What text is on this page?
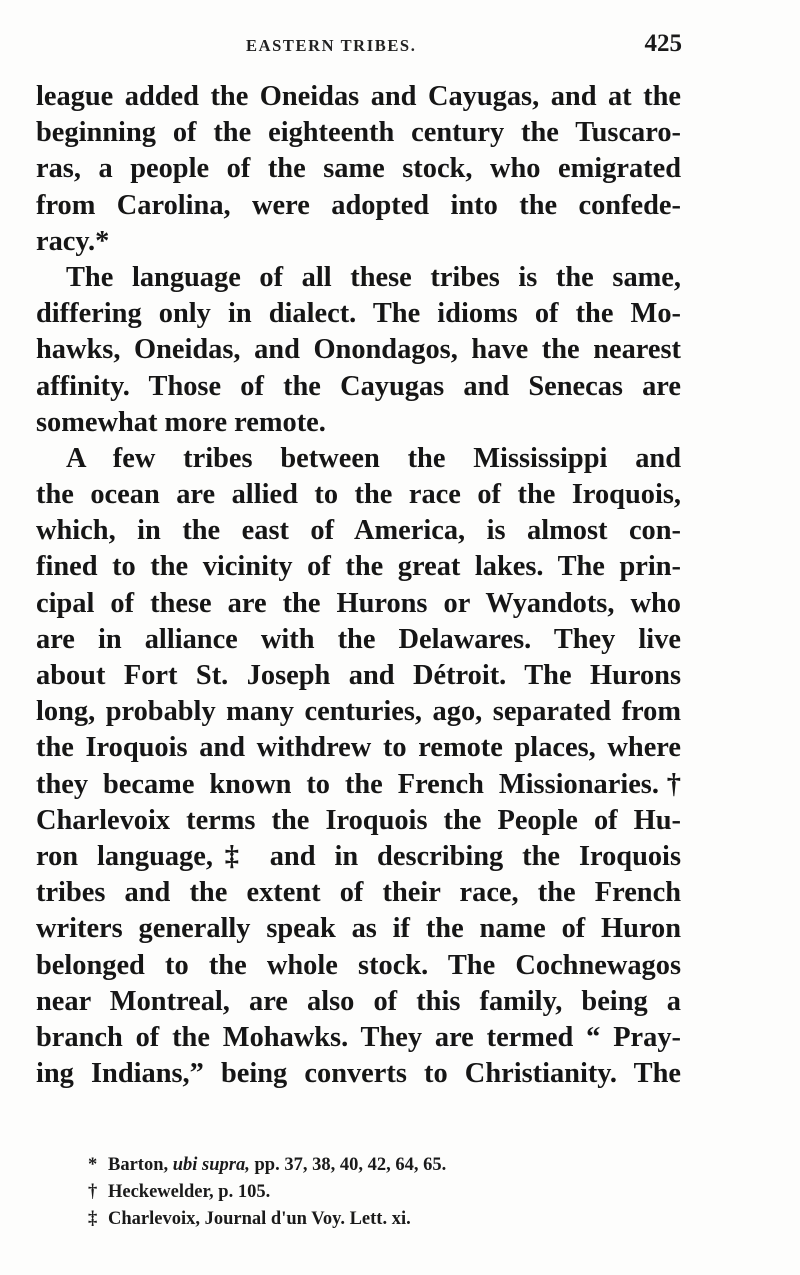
EASTERN TRIBES.	425
league added the Oneidas and Cayugas, and at the
beginning of the eighteenth century the Tuscaro-
ras, a people of the same stock, who emigrated
from Carolina, were adopted into the confede-
racy.*
The language of all these tribes is the same,
differing only in dialect. The idioms of the Mo-
hawks, Oneidas, and Onondagos, have the nearest
affinity. Those of the Cayugas and Senecas are
somewhat more remote.
A few tribes between the Mississippi and
the ocean are allied to the race of the Iroquois,
which, in the east of America, is almost con-
fined to the vicinity of the great lakes. The prin-
cipal of these are the Hurons or Wyandots, who
are in alliance with the Delawares. They live
about Fort St. Joseph and Détroit. The Hurons
long, probably many centuries, ago, separated from
the Iroquois and withdrew to remote places, where
they became known to the French Missionaries.†
Charlevoix terms the Iroquois the People of Hu-
ron language,‡ and in describing the Iroquois
tribes and the extent of their race, the French
writers generally speak as if the name of Huron
belonged to the whole stock. The Cochnewagos
near Montreal, are also of this family, being a
branch of the Mohawks. They are termed “ Pray-
ing Indians,” being converts to Christianity. The
* Barton, ubi supra, pp. 37, 38, 40, 42, 64, 65.
† Heckewelder, p. 105.
‡ Charlevoix, Journal d'un Voy. Lett. xi.
